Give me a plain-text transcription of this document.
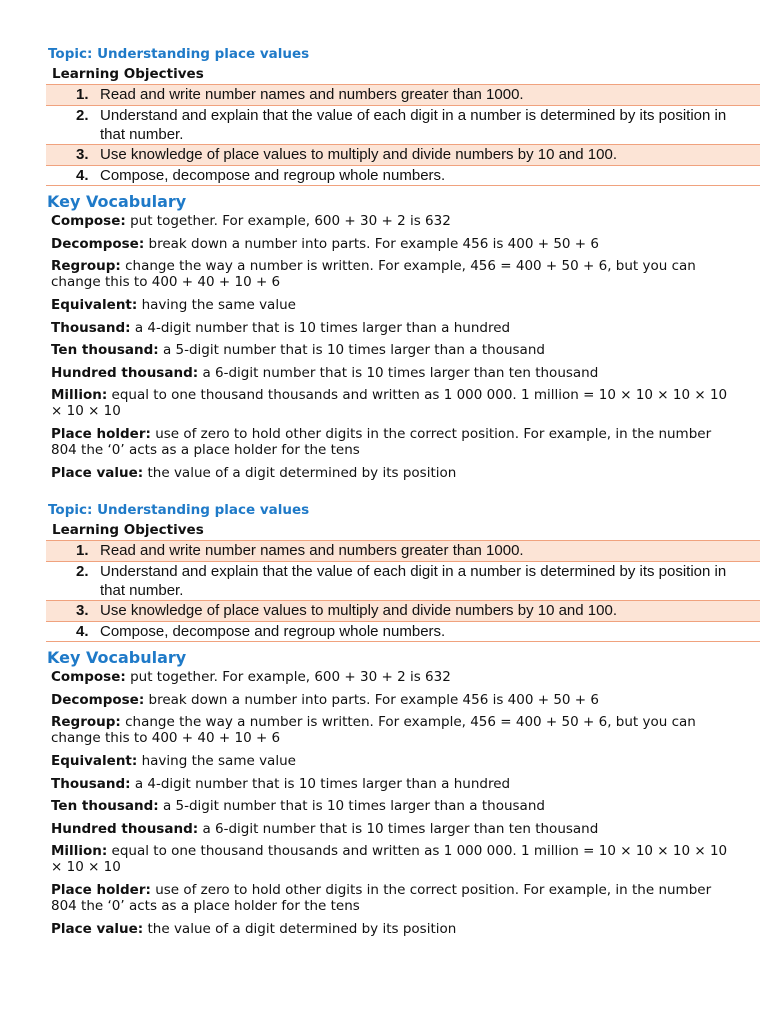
Topic: Understanding place values
Learning Objectives
1. Read and write number names and numbers greater than 1000.
2. Understand and explain that the value of each digit in a number is determined by its position in that number.
3. Use knowledge of place values to multiply and divide numbers by 10 and 100.
4. Compose, decompose and regroup whole numbers.
Key Vocabulary

Compose: put together. For example, 600 + 30 + 2 is 632

Decompose: break down a number into parts. For example 456 is 400 + 50 + 6

Regroup: change the way a number is written. For example, 456 = 400 + 50 + 6, but you can change this to 400 + 40 + 10 + 6

Equivalent: having the same value

Thousand: a 4-digit number that is 10 times larger than a hundred

Ten thousand: a 5-digit number that is 10 times larger than a thousand

Hundred thousand: a 6-digit number that is 10 times larger than ten thousand

Million: equal to one thousand thousands and written as 1 000 000. 1 million = 10 × 10 × 10 × 10 × 10 × 10

Place holder: use of zero to hold other digits in the correct position. For example, in the number 804 the ‘0’ acts as a place holder for the tens

Place value: the value of a digit determined by its position

Topic: Understanding place values
Learning Objectives
1. Read and write number names and numbers greater than 1000.
2. Understand and explain that the value of each digit in a number is determined by its position in that number.
3. Use knowledge of place values to multiply and divide numbers by 10 and 100.
4. Compose, decompose and regroup whole numbers.
Key Vocabulary

Compose: put together. For example, 600 + 30 + 2 is 632

Decompose: break down a number into parts. For example 456 is 400 + 50 + 6

Regroup: change the way a number is written. For example, 456 = 400 + 50 + 6, but you can change this to 400 + 40 + 10 + 6

Equivalent: having the same value

Thousand: a 4-digit number that is 10 times larger than a hundred

Ten thousand: a 5-digit number that is 10 times larger than a thousand

Hundred thousand: a 6-digit number that is 10 times larger than ten thousand

Million: equal to one thousand thousands and written as 1 000 000. 1 million = 10 × 10 × 10 × 10 × 10 × 10

Place holder: use of zero to hold other digits in the correct position. For example, in the number 804 the ‘0’ acts as a place holder for the tens

Place value: the value of a digit determined by its position
